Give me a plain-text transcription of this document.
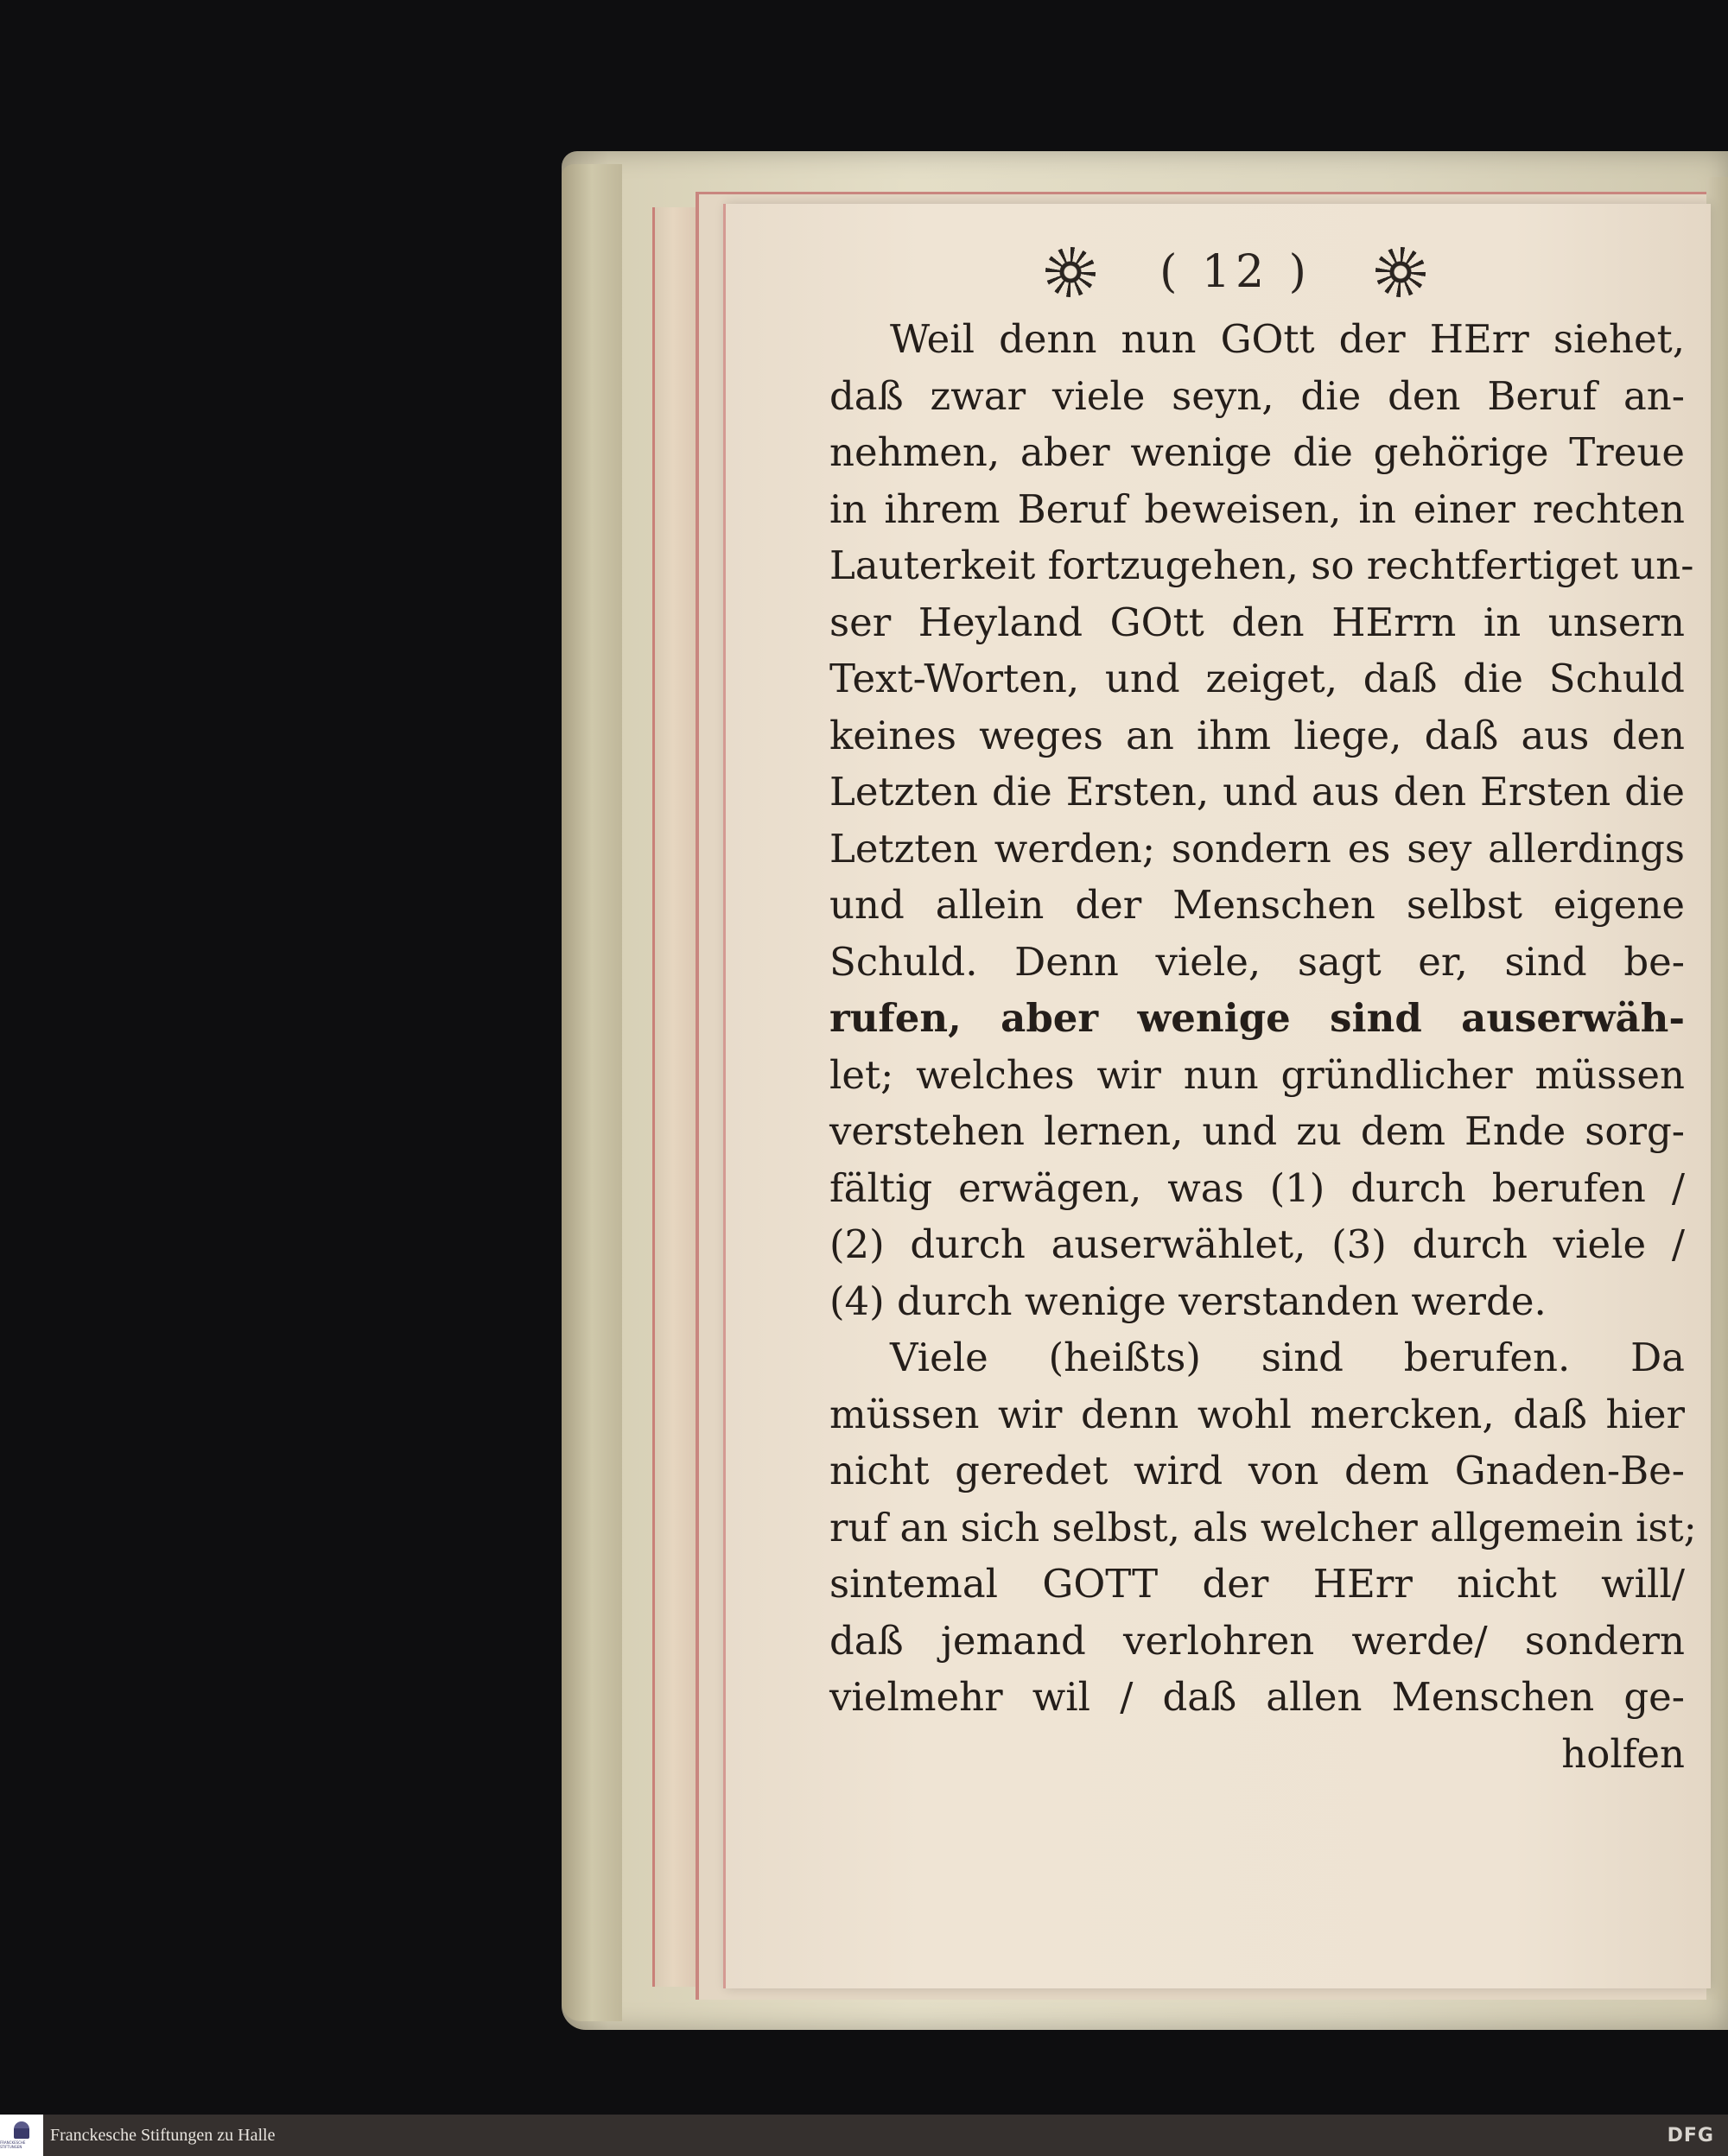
( 12 )
Weil denn nun GOtt der HErr siehet,
daß zwar viele seyn, die den Beruf an-
nehmen, aber wenige die gehörige Treue
in ihrem Beruf beweisen, in einer rechten
Lauterkeit fortzugehen, so rechtfertiget un-
ser Heyland GOtt den HErrn in unsern
Text-Worten, und zeiget, daß die Schuld
keines weges an ihm liege, daß aus den
Letzten die Ersten, und aus den Ersten die
Letzten werden; sondern es sey allerdings
und allein der Menschen selbst eigene
Schuld. Denn viele, sagt er, sind be-
rufen, aber wenige sind auserwäh-
let; welches wir nun gründlicher müssen
verstehen lernen, und zu dem Ende sorg-
fältig erwägen, was (1) durch berufen /
(2) durch auserwählet, (3) durch viele /
(4) durch wenige verstanden werde.
Viele (heißts) sind berufen. Da
müssen wir denn wohl mercken, daß hier
nicht geredet wird von dem Gnaden-Be-
ruf an sich selbst, als welcher allgemein ist;
sintemal GOTT der HErr nicht will/
daß jemand verlohren werde/ sondern
vielmehr wil / daß allen Menschen ge-
holfen
FRANCKESCHE STIFTUNGEN
Franckesche Stiftungen zu Halle	DFG
